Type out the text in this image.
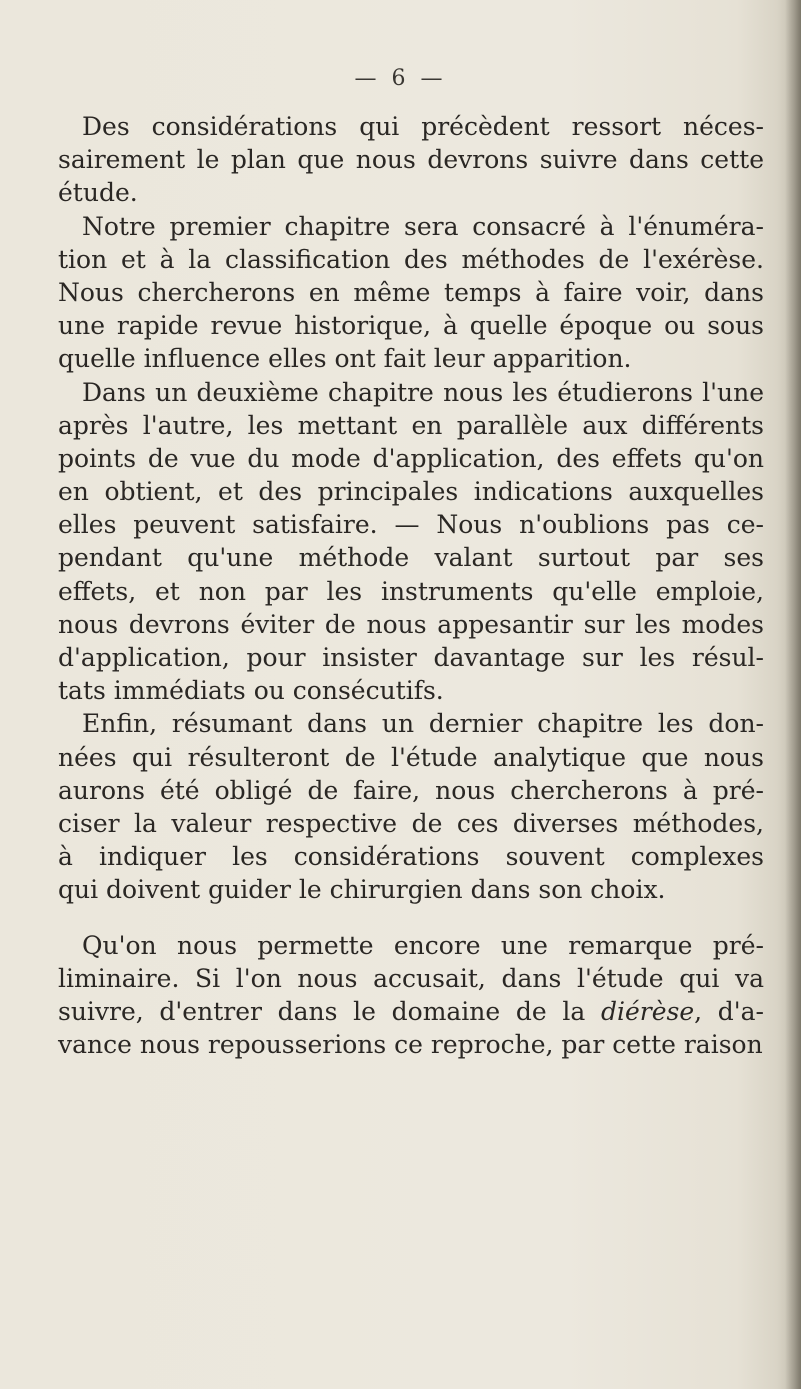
— 6 —
Des considérations qui précèdent ressort néces-
sairement le plan que nous devrons suivre dans cette
étude.
Notre premier chapitre sera consacré à l'énuméra-
tion et à la classification des méthodes de l'exérèse.
Nous chercherons en même temps à faire voir, dans
une rapide revue historique, à quelle époque ou sous
quelle influence elles ont fait leur apparition.
Dans un deuxième chapitre nous les étudierons l'une
après l'autre, les mettant en parallèle aux différents
points de vue du mode d'application, des effets qu'on
en obtient, et des principales indications auxquelles
elles peuvent satisfaire. — Nous n'oublions pas ce-
pendant qu'une méthode valant surtout par ses
effets, et non par les instruments qu'elle emploie,
nous devrons éviter de nous appesantir sur les modes
d'application, pour insister davantage sur les résul-
tats immédiats ou consécutifs.
Enfin, résumant dans un dernier chapitre les don-
nées qui résulteront de l'étude analytique que nous
aurons été obligé de faire, nous chercherons à pré-
ciser la valeur respective de ces diverses méthodes,
à indiquer les considérations souvent complexes
qui doivent guider le chirurgien dans son choix.
Qu'on nous permette encore une remarque pré-
liminaire. Si l'on nous accusait, dans l'étude qui va
suivre, d'entrer dans le domaine de la diérèse, d'a-
vance nous repousserions ce reproche, par cette raison
